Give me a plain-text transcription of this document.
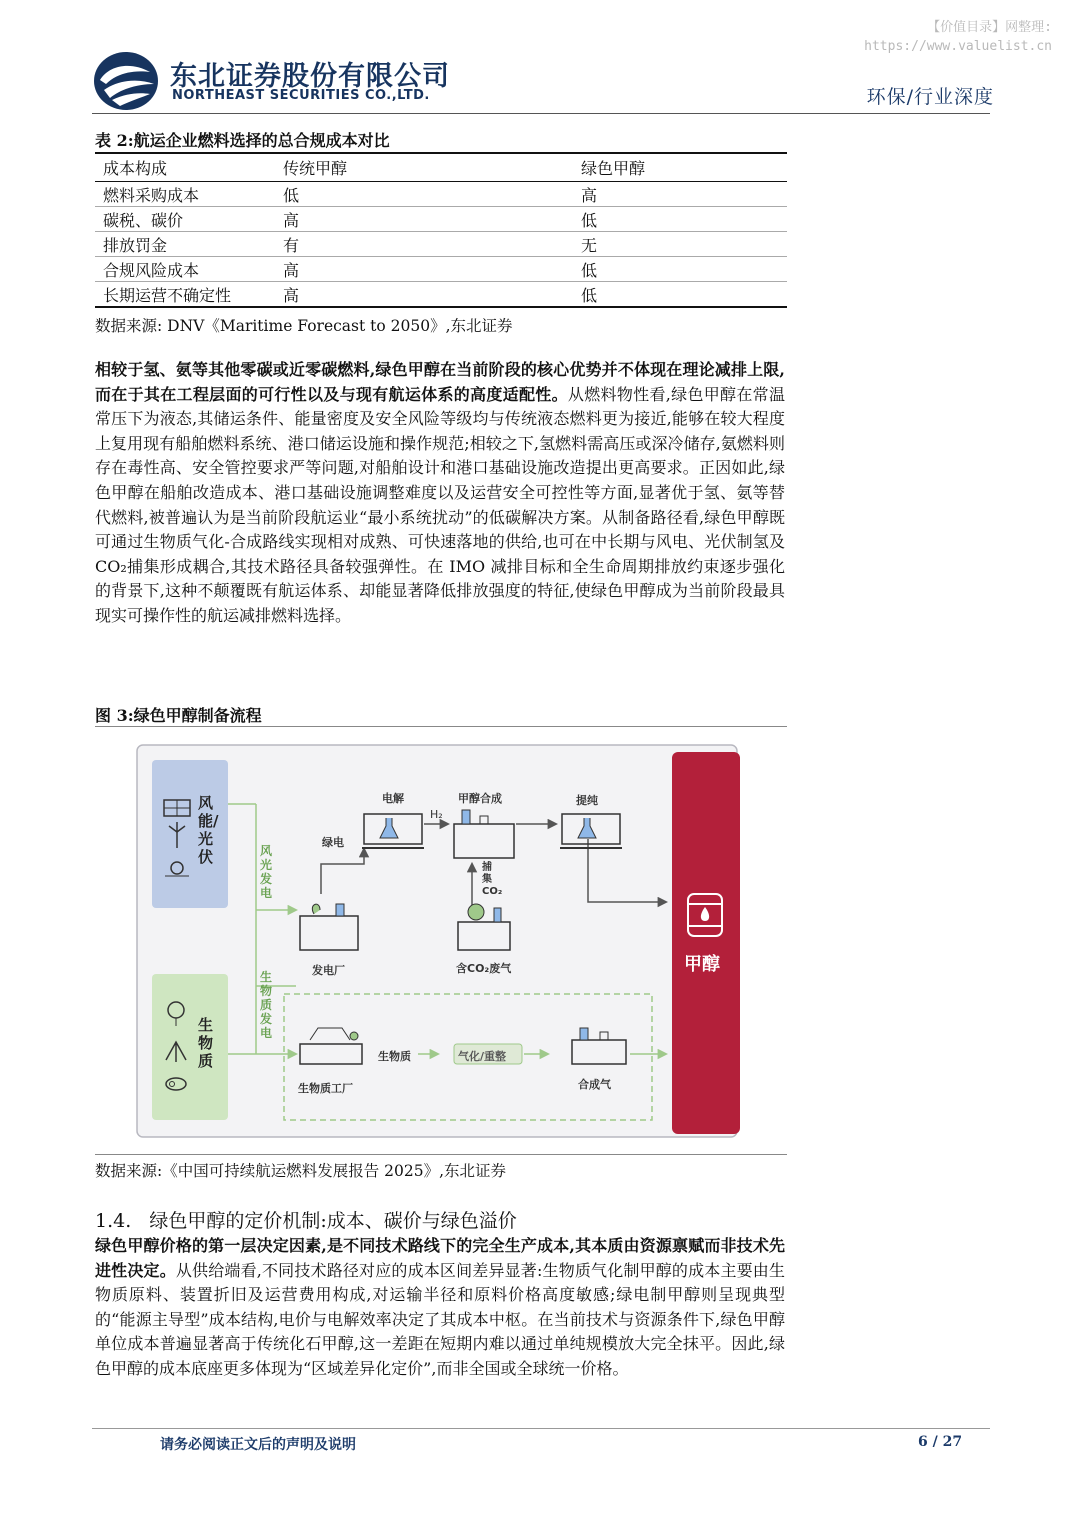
【价值目录】网整理:
https://www.valuelist.cn
东北证券股份有限公司
NORTHEAST SECURITIES CO.,LTD.	环保/行业深度
表 2:航运企业燃料选择的总合规成本对比
成本构成	传统甲醇	绿色甲醇
燃料采购成本	低	高
碳税、碳价	高	低
排放罚金	有	无
合规风险成本	高	低
长期运营不确定性	高	低
数据来源: DNV《Maritime Forecast to 2050》,东北证券

相较于氢、氨等其他零碳或近零碳燃料,绿色甲醇在当前阶段的核心优势并不体现在理论减排上限,而在于其在工程层面的可行性以及与现有航运体系的高度适配性。从燃料物性看,绿色甲醇在常温常压下为液态,其储运条件、能量密度及安全风险等级均与传统液态燃料更为接近,能够在较大程度上复用现有船舶燃料系统、港口储运设施和操作规范;相较之下,氢燃料需高压或深冷储存,氨燃料则存在毒性高、安全管控要求严等问题,对船舶设计和港口基础设施改造提出更高要求。正因如此,绿色甲醇在船舶改造成本、港口基础设施调整难度以及运营安全可控性等方面,显著优于氢、氨等替代燃料,被普遍认为是当前阶段航运业“最小系统扰动”的低碳解决方案。从制备路径看,绿色甲醇既可通过生物质气化-合成路线实现相对成熟、可快速落地的供给,也可在中长期与风电、光伏制氢及 CO₂捕集形成耦合,其技术路径具备较强弹性。在 IMO 减排目标和全生命周期排放约束逐步强化的背景下,这种不颠覆既有航运体系、却能显著降低排放强度的特征,使绿色甲醇成为当前阶段最具现实可操作性的航运减排燃料选择。

图 3:绿色甲醇制备流程
风能/光伏	风光发电
生物质
生物质发电
电解
绿电
H₂
甲醇合成	提纯
捕集CO₂
发电厂	含CO₂废气
生物质工厂
生物质	气化/重整
合成气
甲醇
数据来源:《中国可持续航运燃料发展报告 2025》,东北证券
1.4. 绿色甲醇的定价机制:成本、碳价与绿色溢价

绿色甲醇价格的第一层决定因素,是不同技术路线下的完全生产成本,其本质由资源禀赋而非技术先进性决定。从供给端看,不同技术路径对应的成本区间差异显著:生物质气化制甲醇的成本主要由生物质原料、装置折旧及运营费用构成,对运输半径和原料价格高度敏感;绿电制甲醇则呈现典型的“能源主导型”成本结构,电价与电解效率决定了其成本中枢。在当前技术与资源条件下,绿色甲醇单位成本普遍显著高于传统化石甲醇,这一差距在短期内难以通过单纯规模放大完全抹平。因此,绿色甲醇的成本底座更多体现为“区域差异化定价”,而非全国或全球统一价格。

请务必阅读正文后的声明及说明	6 / 27
